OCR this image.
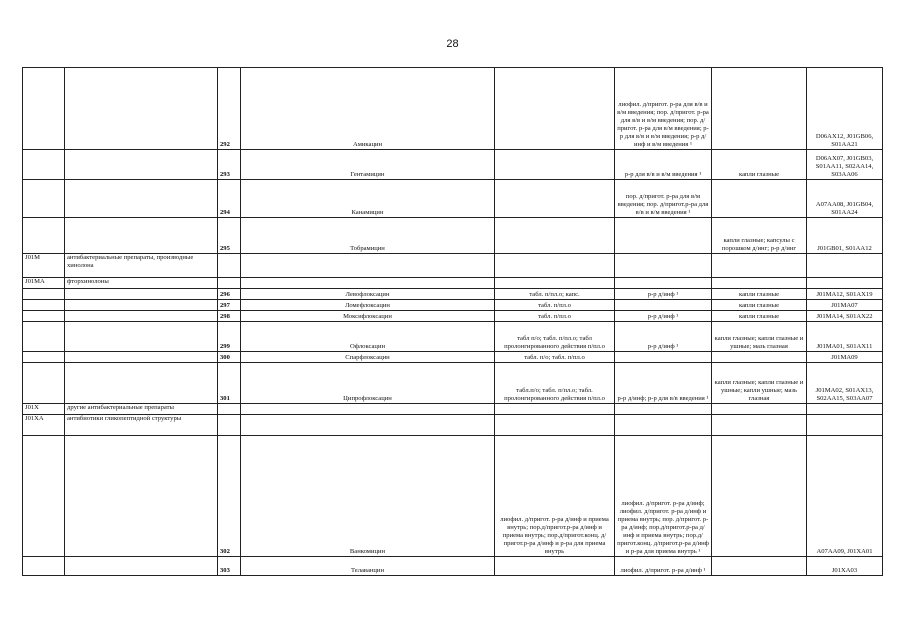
28
		292	Амикацин		лиофил. д/пригот. р-ра для в/в и в/м введения; пор. д/пригот. р-ра для в/в и в/м введения; пор. д/пригот. р-ра для в/м введения; р-р для в/в и в/м введения; р-р д/инф и в/м введения ¹		D06AX12, J01GB06, S01AA21
		293	Гентамицин		р-р для в/в и в/м введения ¹	капли глазные	D06AX07, J01GB03, S01AA11, S02AA14, S03AA06
		294	Канамицин		пор. д/пригот. р-ра для в/м введения; пор. д/пригот.р-ра для в/в и в/м введения ¹		A07AA08, J01GB04, S01AA24
		295	Тобрамицин			капли глазные; капсулы с порошком д/инг; р-р д/инг	J01GB01, S01AA12
J01M	антибактериальные препараты, производные хинолона						
J01MA	фторхинолоны						
		296	Левофлоксацин	табл. п/пл.о; капс.	р-р д/инф ¹	капли глазные	J01MA12, S01AX19
		297	Ломефлоксацин	табл. п/пл.о		капли глазные	J01MA07
		298	Моксифлоксацин	табл. п/пл.о	р-р д/инф ¹	капли глазные	J01MA14, S01AX22
		299	Офлоксацин	табл п/о; табл. п/пл.о; табл пролонгированного действия п/пл.о	р-р д/инф ¹	капли глазные; капли глазные и ушные; мазь глазная	J01MA01, S01AX11
		300	Спарфлоксацин	табл. п/о; табл. п/пл.о			J01MA09
		301	Ципрофлоксацин	табл.п/о; табл. п/пл.о; табл. пролонгированного действия п/пл.о	р-р д/инф; р-р для в/в введения ¹	капли глазные; капли глазные и ушные; капли ушные; мазь глазная	J01MA02, S01AX13, S02AA15, S03AA07
J01X	другие антибактериальные препараты						
J01XA	антибиотики гликопептидной структуры						
		302	Ванкомицин	лиофил. д/пригот. р-ра д/инф и приема внутрь; пор.д/пригот.р-ра д/инф и приема внутрь; пор.д/пригот.конц. д/пригот.р-ра д/инф и р-ра для приема внутрь	лиофил. д/пригот. р-ра д/инф; лиофил. д/пригот. р-ра д/инф и приема внутрь; пор. д/пригот. р-ра д/инф; пор.д/пригот.р-ра д/инф и приема внутрь; пор.д/пригот.конц. д/пригот.р-ра д/инф и р-ра для приема внутрь ¹		A07AA09, J01XA01
		303	Телаванцин		лиофил. д/пригот. р-ра д/инф ¹		J01XA03
